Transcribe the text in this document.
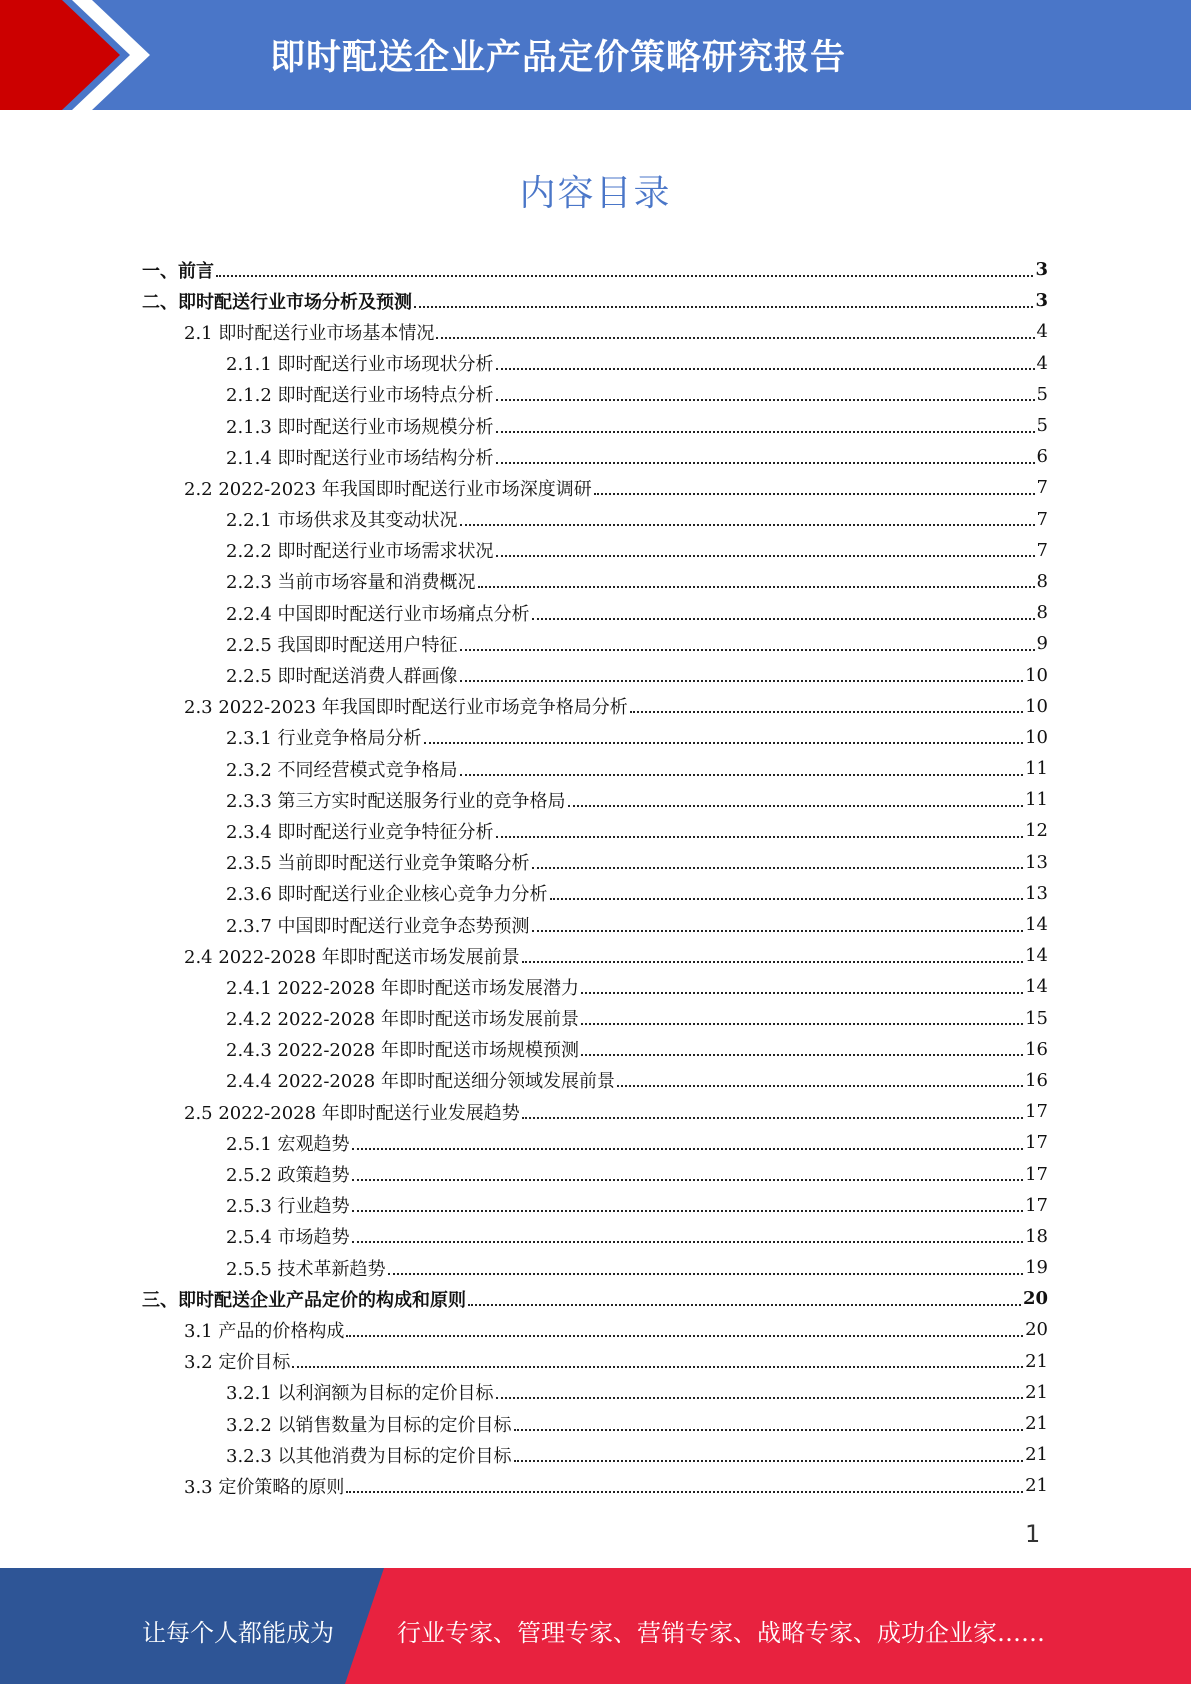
即时配送企业产品定价策略研究报告
内容目录
一、前言	3
二、即时配送行业市场分析及预测	3
2.1 即时配送行业市场基本情况	4
2.1.1 即时配送行业市场现状分析	4
2.1.2 即时配送行业市场特点分析	5
2.1.3 即时配送行业市场规模分析	5
2.1.4 即时配送行业市场结构分析	6
2.2 2022-2023 年我国即时配送行业市场深度调研	7
2.2.1 市场供求及其变动状况	7
2.2.2 即时配送行业市场需求状况	7
2.2.3 当前市场容量和消费概况	8
2.2.4 中国即时配送行业市场痛点分析	8
2.2.5 我国即时配送用户特征	9
2.2.5 即时配送消费人群画像	10
2.3 2022-2023 年我国即时配送行业市场竞争格局分析	10
2.3.1 行业竞争格局分析	10
2.3.2 不同经营模式竞争格局	11
2.3.3 第三方实时配送服务行业的竞争格局	11
2.3.4 即时配送行业竞争特征分析	12
2.3.5 当前即时配送行业竞争策略分析	13
2.3.6 即时配送行业企业核心竞争力分析	13
2.3.7 中国即时配送行业竞争态势预测	14
2.4 2022-2028 年即时配送市场发展前景	14
2.4.1 2022-2028 年即时配送市场发展潜力	14
2.4.2 2022-2028 年即时配送市场发展前景	15
2.4.3 2022-2028 年即时配送市场规模预测	16
2.4.4 2022-2028 年即时配送细分领域发展前景	16
2.5 2022-2028 年即时配送行业发展趋势	17
2.5.1 宏观趋势	17
2.5.2 政策趋势	17
2.5.3 行业趋势	17
2.5.4 市场趋势	18
2.5.5 技术革新趋势	19
三、即时配送企业产品定价的构成和原则	20
3.1 产品的价格构成	20
3.2 定价目标	21
3.2.1 以利润额为目标的定价目标	21
3.2.2 以销售数量为目标的定价目标	21
3.2.3 以其他消费为目标的定价目标	21
3.3 定价策略的原则	21
1
让每个人都能成为	行业专家、管理专家、营销专家、战略专家、成功企业家……
